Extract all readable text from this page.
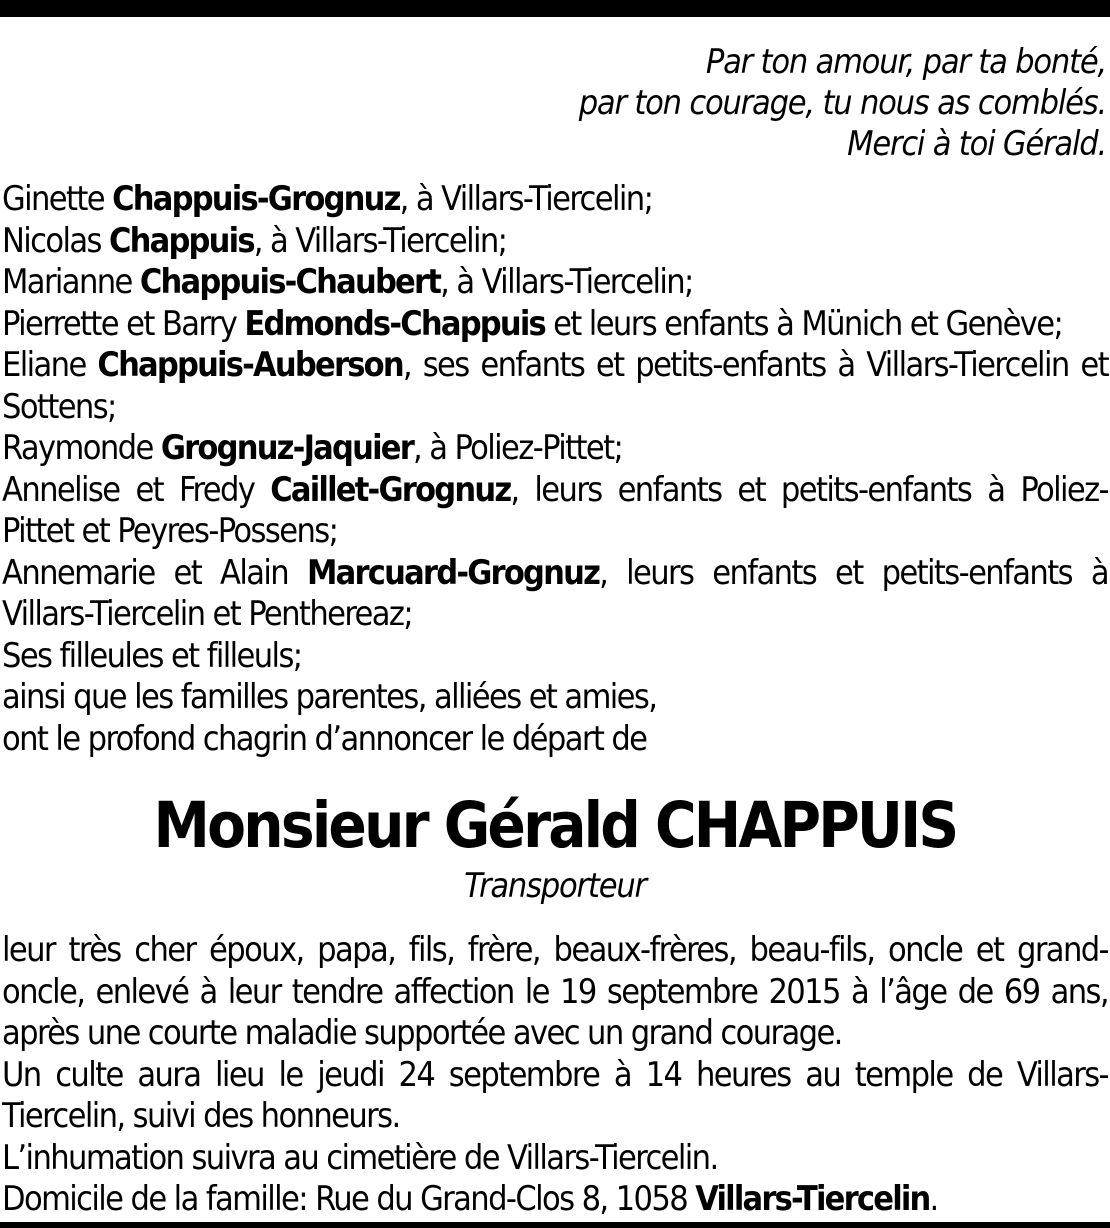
Par ton amour, par ta bonté,
par ton courage, tu nous as comblés.
Merci à toi Gérald.
Ginette Chappuis-Grognuz, à Villars-Tiercelin;
Nicolas Chappuis, à Villars-Tiercelin;
Marianne Chappuis-Chaubert, à Villars-Tiercelin;
Pierrette et Barry Edmonds-Chappuis et leurs enfants à Münich et Genève;
Eliane Chappuis-Auberson, ses enfants et petits-enfants à Villars-Tiercelin et Sottens;
Raymonde Grognuz-Jaquier, à Poliez-Pittet;
Annelise et Fredy Caillet-Grognuz, leurs enfants et petits-enfants à Poliez-Pittet et Peyres-Possens;
Annemarie et Alain Marcuard-Grognuz, leurs enfants et petits-enfants à Villars-Tiercelin et Penthereaz;
Ses filleules et filleuls;
ainsi que les familles parentes, alliées et amies,
ont le profond chagrin d’annoncer le départ de
Monsieur Gérald CHAPPUIS
Transporteur
leur très cher époux, papa, fils, frère, beaux-frères, beau-fils, oncle et grand-oncle, enlevé à leur tendre affection le 19 septembre 2015 à l’âge de 69 ans, après une courte maladie supportée avec un grand courage.
Un culte aura lieu le jeudi 24 septembre à 14 heures au temple de Villars-Tiercelin, suivi des honneurs.
L’inhumation suivra au cimetière de Villars-Tiercelin.
Domicile de la famille: Rue du Grand-Clos 8, 1058 Villars-Tiercelin.
